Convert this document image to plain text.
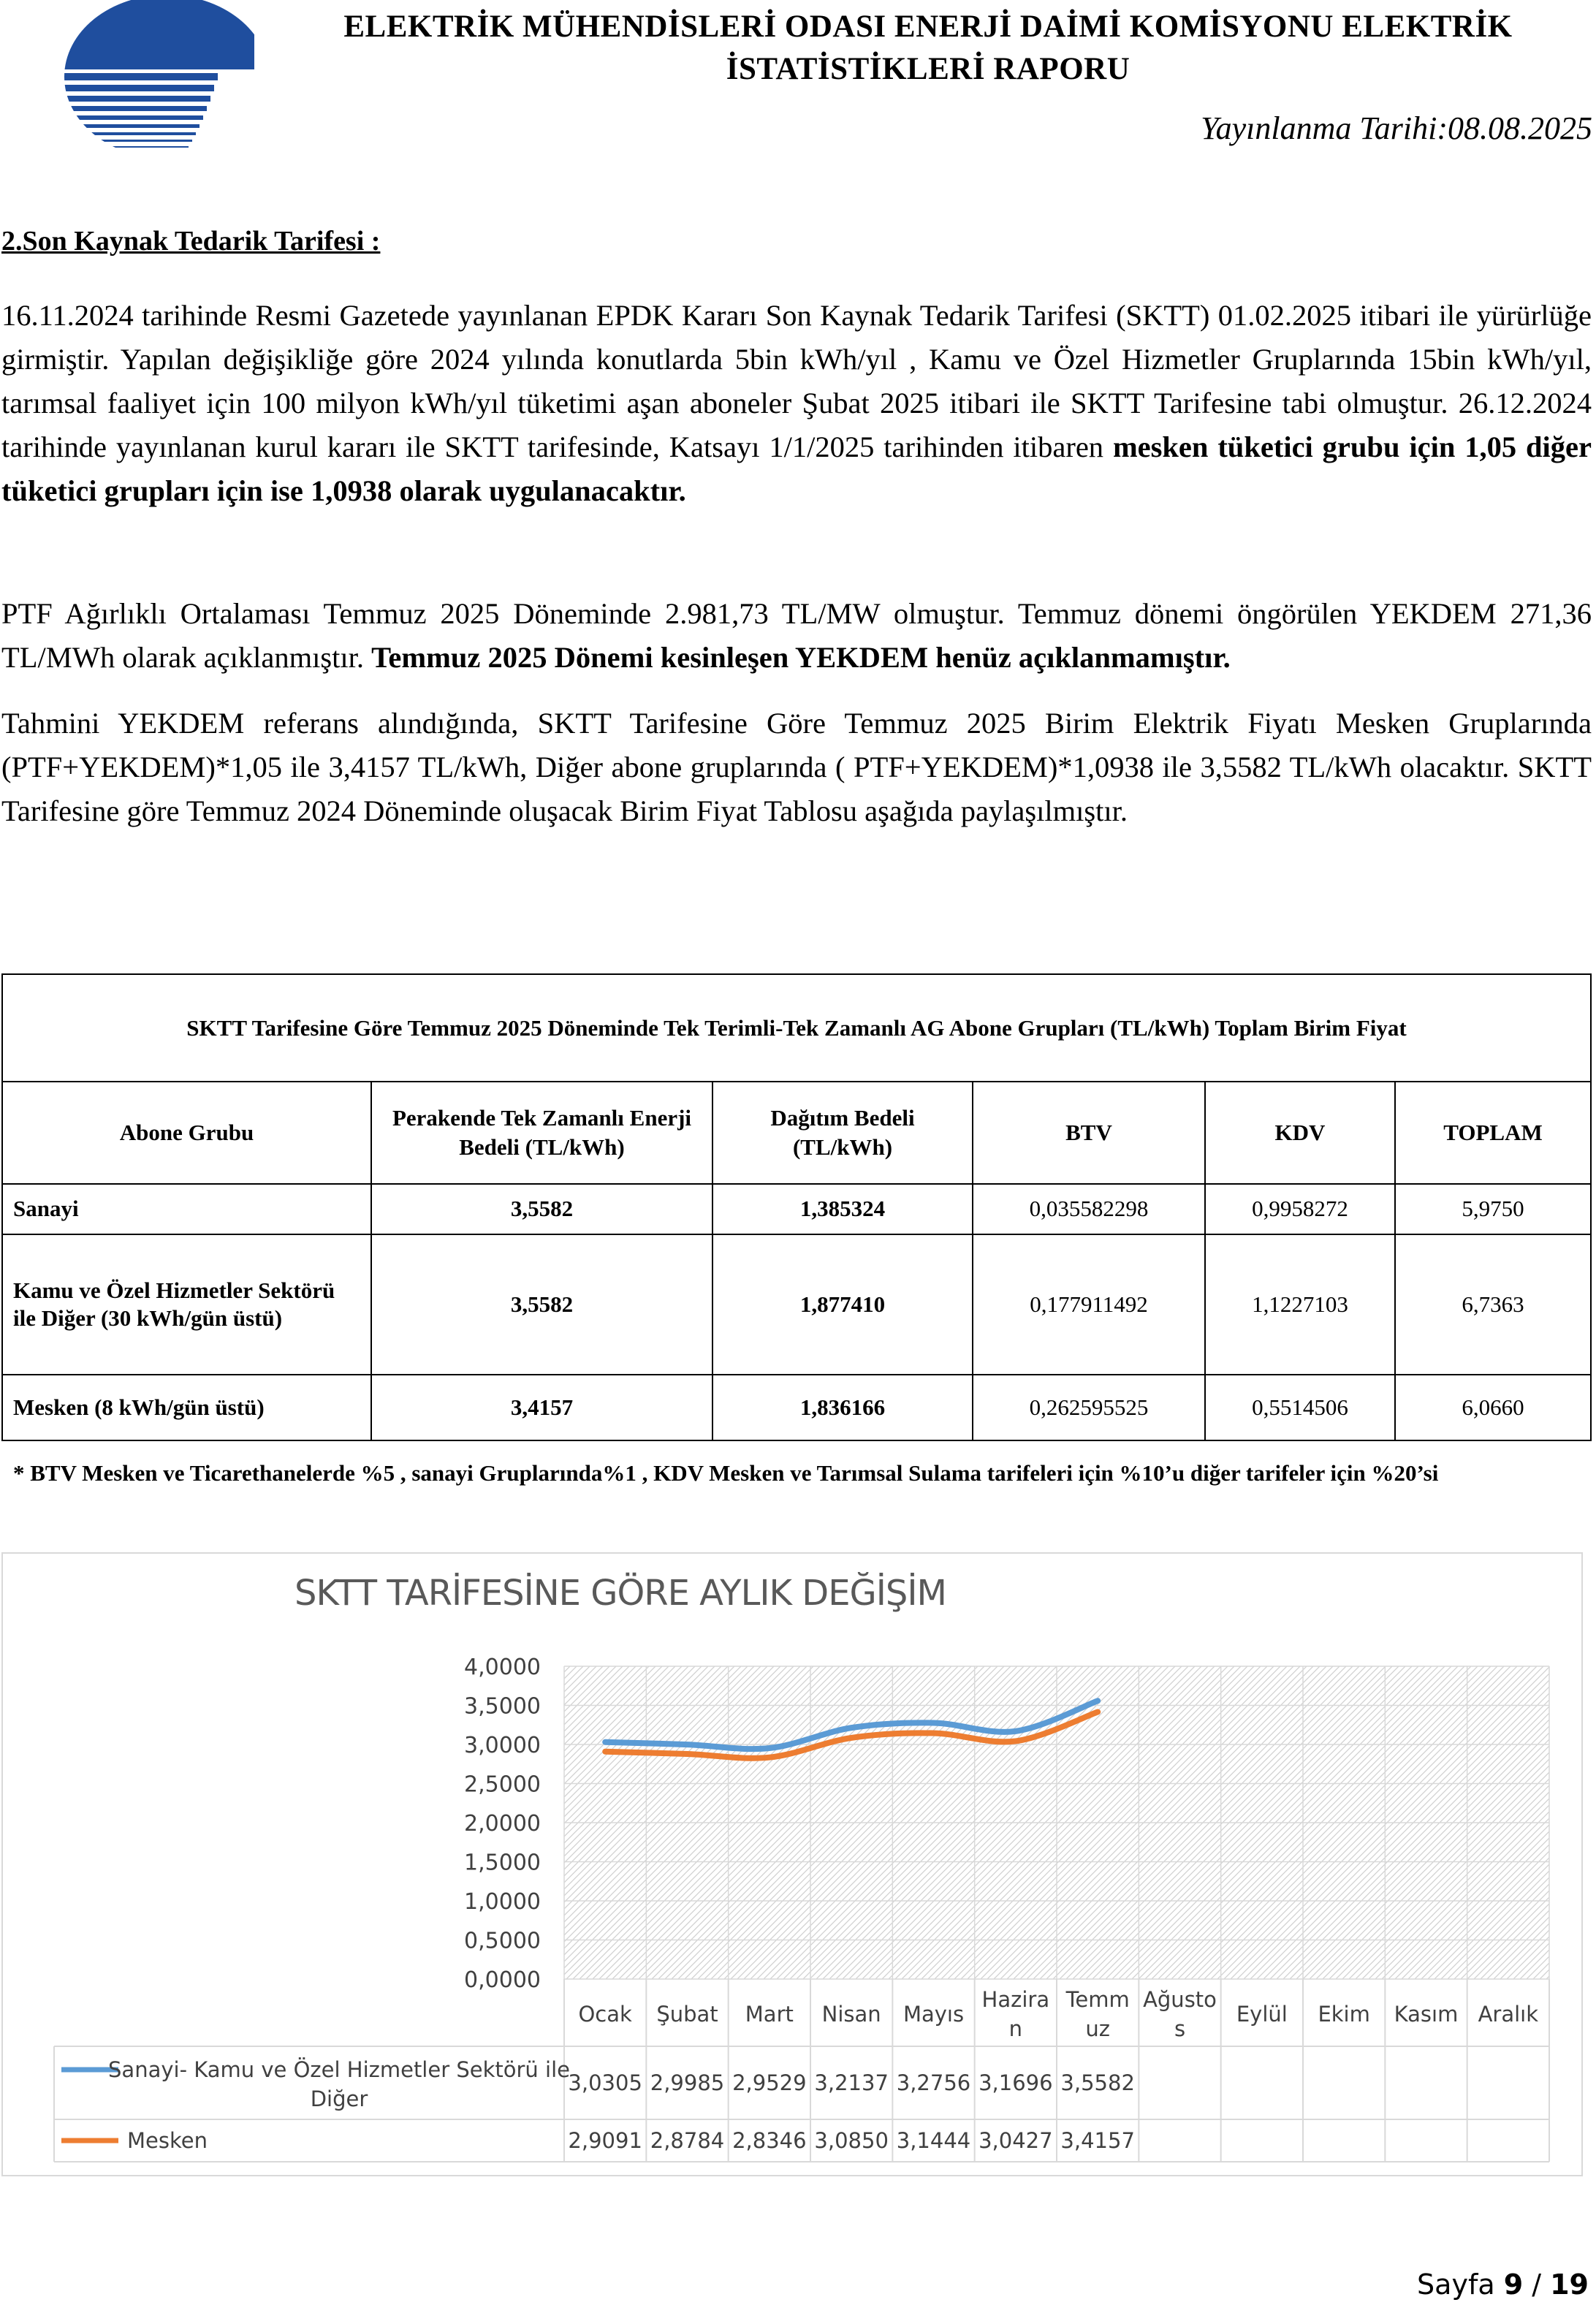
ELEKTRİK MÜHENDİSLERİ ODASI ENERJİ DAİMİ KOMİSYONU ELEKTRİK İSTATİSTİKLERİ RAPORU
Yayınlanma Tarihi:08.08.2025
2.Son Kaynak Tedarik Tarifesi :
16.11.2024 tarihinde Resmi Gazetede yayınlanan EPDK Kararı Son Kaynak Tedarik Tarifesi (SKTT) 01.02.2025 itibari ile yürürlüğe girmiştir. Yapılan değişikliğe göre 2024 yılında konutlarda 5bin kWh/yıl , Kamu ve Özel Hizmetler Gruplarında 15bin kWh/yıl, tarımsal faaliyet için 100 milyon kWh/yıl tüketimi aşan aboneler Şubat 2025 itibari ile SKTT Tarifesine tabi olmuştur. 26.12.2024 tarihinde yayınlanan kurul kararı ile SKTT tarifesinde, Katsayı 1/1/2025 tarihinden itibaren mesken tüketici grubu için 1,05 diğer tüketici grupları için ise 1,0938 olarak uygulanacaktır.
PTF Ağırlıklı Ortalaması Temmuz 2025 Döneminde 2.981,73 TL/MW olmuştur. Temmuz dönemi öngörülen YEKDEM 271,36 TL/MWh olarak açıklanmıştır. Temmuz 2025 Dönemi kesinleşen YEKDEM henüz açıklanmamıştır.
Tahmini YEKDEM referans alındığında, SKTT Tarifesine Göre Temmuz 2025 Birim Elektrik Fiyatı Mesken Gruplarında (PTF+YEKDEM)*1,05 ile 3,4157 TL/kWh, Diğer abone gruplarında ( PTF+YEKDEM)*1,0938 ile 3,5582 TL/kWh olacaktır. SKTT Tarifesine göre Temmuz 2024 Döneminde oluşacak Birim Fiyat Tablosu aşağıda paylaşılmıştır.
SKTT Tarifesine Göre Temmuz 2025 Döneminde Tek Terimli-Tek Zamanlı AG Abone Grupları (TL/kWh) Toplam Birim Fiyat					
Abone Grubu	Perakende Tek Zamanlı Enerji Bedeli (TL/kWh)	Dağıtım Bedeli (TL/kWh)	BTV	KDV	TOPLAM
Sanayi	3,5582	1,385324	0,035582298	0,9958272	5,9750
Kamu ve Özel Hizmetler Sektörü ile Diğer (30 kWh/gün üstü)	3,5582	1,877410	0,177911492	1,1227103	6,7363
Mesken (8 kWh/gün üstü)	3,4157	1,836166	0,262595525	0,5514506	6,0660
* BTV Mesken ve Ticarethanelerde %5 , sanayi Gruplarında%1 , KDV Mesken ve Tarımsal Sulama tarifeleri için %10’u diğer tarifeler için %20’si
SKTT TARİFESİNE GÖRE AYLIK DEĞİŞİM
4,0000
3,5000
3,0000
2,5000
2,0000
1,5000
1,0000
0,5000
0,0000
Ocak Şubat Mart Nisan Mayıs
Hazira
n
Temm
uz
Ağusto
s
Eylül Ekim Kasım Aralık
Sanayi- Kamu ve Özel Hizmetler Sektörü ile
Diğer
3,0305 2,9985 2,9529 3,2137 3,2756 3,1696 3,5582
Mesken	2,9091 2,8784 2,8346 3,0850 3,1444 3,0427 3,4157
Sayfa 9 / 19
